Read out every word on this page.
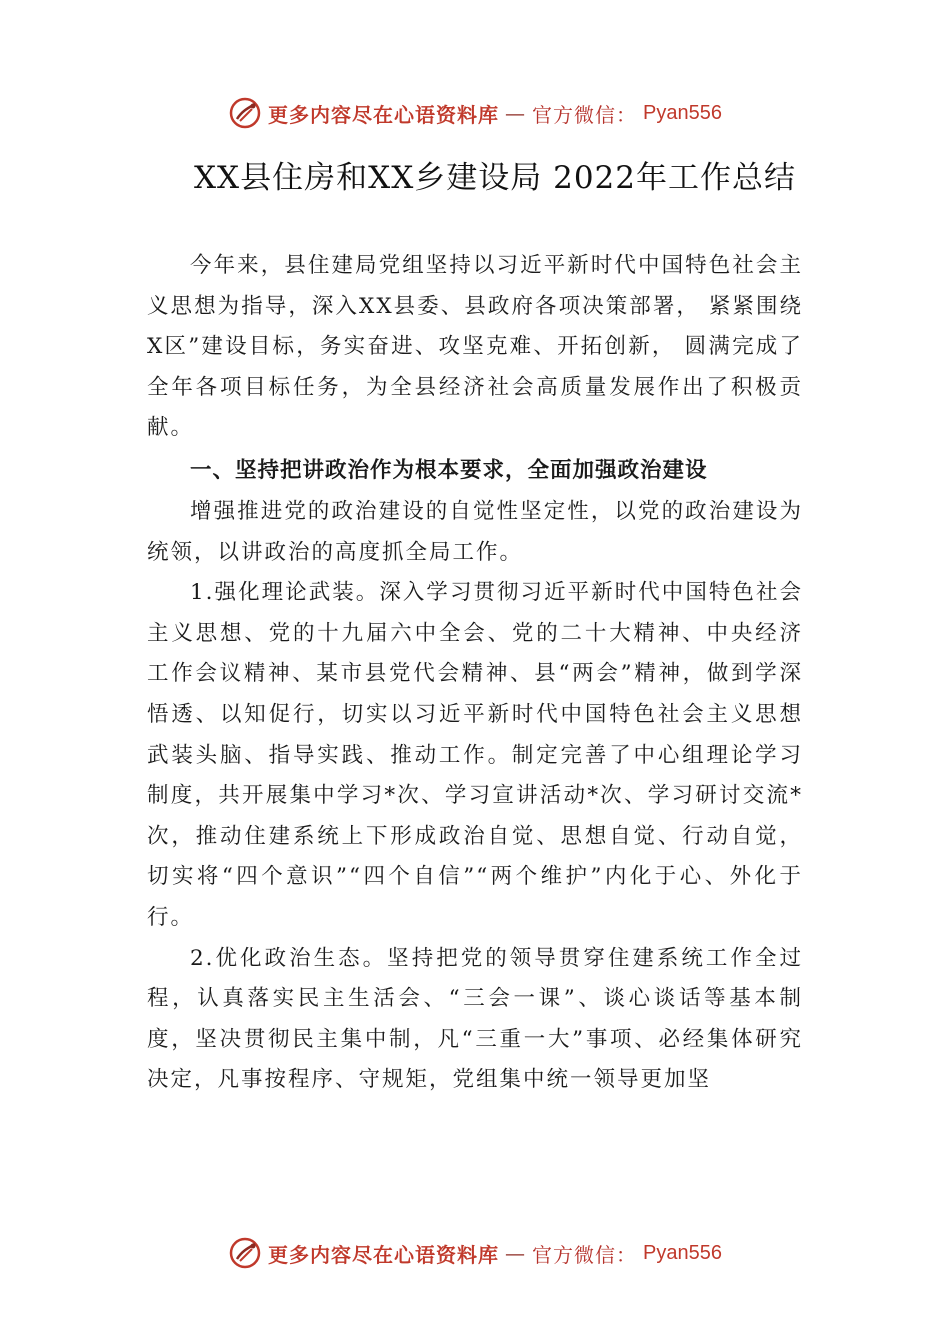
更多内容尽在心语资料库 — 官方微信： Pyan556
XX县住房和XX乡建设局 2022年工作总结

今年来，县住建局党组坚持以习近平新时代中国特色社会主义思想为指导，深入XX县委、县政府各项决策部署， 紧紧围绕X区”建设目标，务实奋进、攻坚克难、开拓创新， 圆满完成了全年各项目标任务，为全县经济社会高质量发展作出了积极贡献。

一、坚持把讲政治作为根本要求，全面加强政治建设

增强推进党的政治建设的自觉性坚定性，以党的政治建设为统领，以讲政治的高度抓全局工作。

1.强化理论武装。深入学习贯彻习近平新时代中国特色社会主义思想、党的十九届六中全会、党的二十大精神、中央经济工作会议精神、某市县党代会精神、县“两会”精神，做到学深悟透、以知促行，切实以习近平新时代中国特色社会主义思想武装头脑、指导实践、推动工作。制定完善了中心组理论学习制度，共开展集中学习*次、学习宣讲活动*次、学习研讨交流*次，推动住建系统上下形成政治自觉、思想自觉、行动自觉，切实将“四个意识”“四个自信”“两个维护”内化于心、外化于行。

2.优化政治生态。坚持把党的领导贯穿住建系统工作全过程，认真落实民主生活会、“三会一课”、谈心谈话等基本制度，坚决贯彻民主集中制，凡“三重一大”事项、必经集体研究决定，凡事按程序、守规矩，党组集中统一领导更加坚

更多内容尽在心语资料库 — 官方微信： Pyan556
